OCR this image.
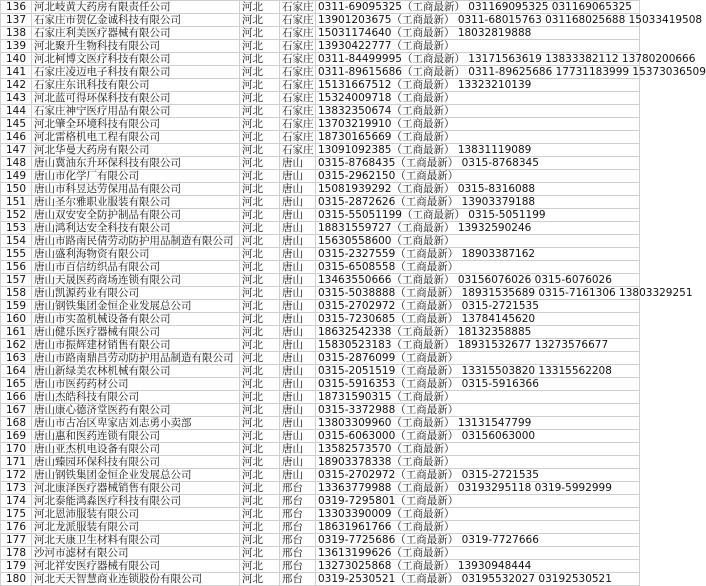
136	河北岐黄大药房有限责任公司	河北	石家庄	0311-69095325（工商最新） 031169095325 031169065325
137	石家庄市贺亿金诚科技有限公司	河北	石家庄	13901203675（工商最新） 0311-68015763 031168025688 15033419508
138	石家庄利美医疗器械有限公司	河北	石家庄	15031174640（工商最新） 18032819888
139	河北聚升生物科技有限公司	河北	石家庄	13930422777（工商最新）
140	河北柯博文医疗科技有限公司	河北	石家庄	0311-84499995（工商最新） 13171563619 13833382112 13780200666
141	石家庄凌迈电子科技有限公司	河北	石家庄	0311-89615686（工商最新） 0311-89625686 17731183999 15373036509
142	石家庄东讯科技有限公司	河北	石家庄	15131667512（工商最新） 13323210139
143	河北蓝可得环保科技有限公司	河北	石家庄	15324009718（工商最新）
144	石家庄神宁医疗用品有限公司	河北	石家庄	13832350674（工商最新）
145	河北肇全环境科技有限公司	河北	石家庄	13703219910（工商最新）
146	河北雷格机电工程有限公司	河北	石家庄	18730165669（工商最新）
147	河北华曼大药房有限公司	河北	石家庄	13091092385（工商最新） 13831119089
148	唐山冀油东升环保科技有限公司	河北	唐山	0315-8768435（工商最新） 0315-8768345
149	唐山市化学厂有限公司	河北	唐山	0315-2962150（工商最新）
150	唐山市科昱达劳保用品有限公司	河北	唐山	15081939292（工商最新） 0315-8316088
151	唐山圣尔雅职业服装有限公司	河北	唐山	0315-2872626（工商最新） 13903379188
152	唐山双安安全防护制品有限公司	河北	唐山	0315-55051199（工商最新） 0315-5051199
153	唐山鸿利达安全科技有限公司	河北	唐山	18831559727（工商最新） 13932590246
154	唐山市路南民倩劳动防护用品制造有限公司	河北	唐山	15630558600（工商最新）
155	唐山盛利海物资有限公司	河北	唐山	0315-2327559（工商最新） 18903387162
156	唐山市百信纺织品有限公司	河北	唐山	0315-6508558（工商最新）
157	唐山天晟医药商场连锁有限公司	河北	唐山	13463550666（工商最新） 03156076026 0315-6076026
158	唐山凯源药业有限公司	河北	唐山	0315-5038888（工商最新） 18931535689 0315-7161306 13803329251
159	唐山钢铁集团金恒企业发展总公司	河北	唐山	0315-2702972（工商最新） 0315-2721535
160	唐山市实盈机械设备有限公司	河北	唐山	0315-7230685（工商最新） 13784145620
161	唐山健乐医疗器械有限公司	河北	唐山	18632542338（工商最新） 18132358885
162	唐山市振辉建材销售有限公司	河北	唐山	15830523183（工商最新） 18931532677 13273576677
163	唐山市路南鼎昌劳动防护用品制造有限公司	河北	唐山	0315-2876099（工商最新）
164	唐山新绿美农林机械有限公司	河北	唐山	0315-2051519（工商最新） 13315503820 13315562208
165	唐山市医药药材公司	河北	唐山	0315-5916353（工商最新） 0315-5916366
166	唐山杰皓科技有限公司	河北	唐山	18731590315（工商最新）
167	唐山康心德济堂医药有限公司	河北	唐山	0315-3372988（工商最新）
168	唐山市古冶区卑家店刘志勇小卖部	河北	唐山	13803309960（工商最新） 13131547799
169	唐山惠和医药连锁有限公司	河北	唐山	0315-6063000（工商最新） 03156063000
170	唐山亚杰机电设备有限公司	河北	唐山	13582573570（工商最新）
171	唐山臻园环保科技有限公司	河北	唐山	18903378338（工商最新）
172	唐山钢铁集团金恒企业发展总公司	河北	唐山	0315-2702972（工商最新） 0315-2721535
173	河北康泽医疗器械销售有限公司	河北	邢台	13363779988（工商最新） 03193295118 0319-5992999
174	河北泰能鸿淼医疗科技有限公司	河北	邢台	0319-7295801（工商最新）
175	河北恩沛服装有限公司	河北	邢台	13303390009（工商最新）
176	河北龙派服装有限公司	河北	邢台	18631961766（工商最新）
177	河北天康卫生材料有限公司	河北	邢台	0319-7725686（工商最新） 0319-7727666
178	沙河市滤材有限公司	河北	邢台	13613199626（工商最新）
179	河北祥安医疗器械有限公司	河北	邢台	13273025868（工商最新） 13930948444
180	河北天天智慧商业连锁股份有限公司	河北	邢台	0319-2530521（工商最新） 03195532027 03192530521
